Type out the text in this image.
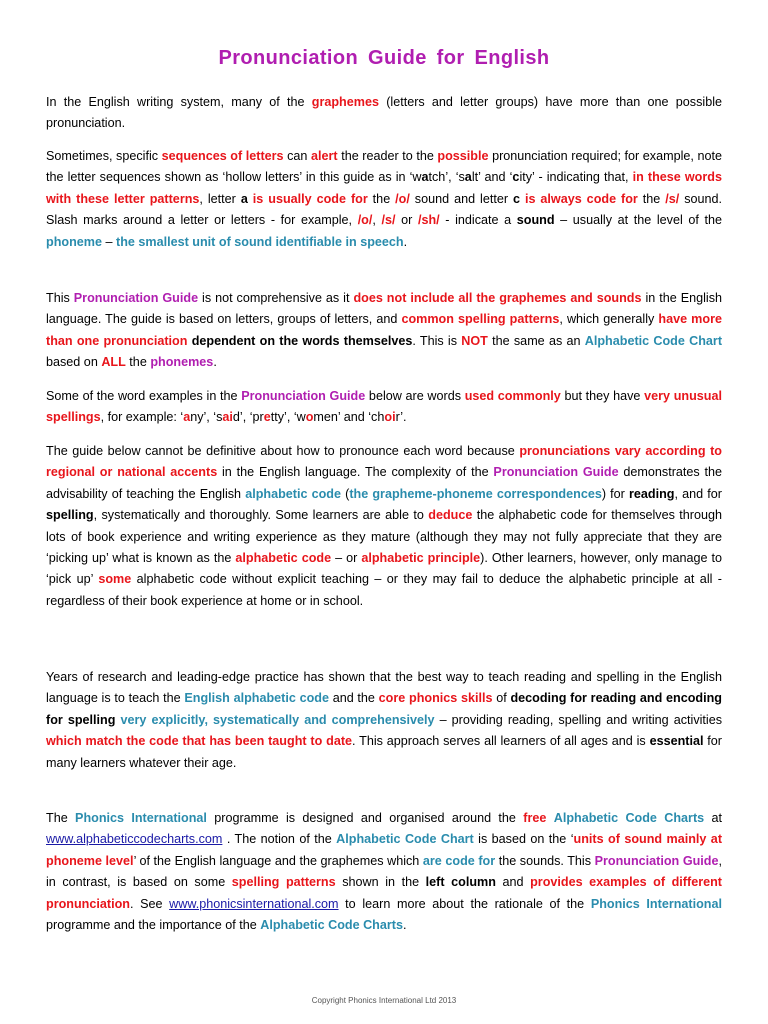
Pronunciation Guide for English

In the English writing system, many of the graphemes (letters and letter groups) have more than one possible pronunciation.

Sometimes, specific sequences of letters can alert the reader to the possible pronunciation required; for example, note the letter sequences shown as ‘hollow letters’ in this guide as in ‘watch’, ‘salt’ and ‘city’ - indicating that, in these words with these letter patterns, letter a is usually code for the /o/ sound and letter c is always code for the /s/ sound. Slash marks around a letter or letters - for example, /o/, /s/ or /sh/ - indicate a sound – usually at the level of the phoneme – the smallest unit of sound identifiable in speech.

This Pronunciation Guide is not comprehensive as it does not include all the graphemes and sounds in the English language. The guide is based on letters, groups of letters, and common spelling patterns, which generally have more than one pronunciation dependent on the words themselves. This is NOT the same as an Alphabetic Code Chart based on ALL the phonemes.

Some of the word examples in the Pronunciation Guide below are words used commonly but they have very unusual spellings, for example: ‘any’, ‘said’, ‘pretty’, ‘women’ and ‘choir’.

The guide below cannot be definitive about how to pronounce each word because pronunciations vary according to regional or national accents in the English language. The complexity of the Pronunciation Guide demonstrates the advisability of teaching the English alphabetic code (the grapheme-phoneme correspondences) for reading, and for spelling, systematically and thoroughly. Some learners are able to deduce the alphabetic code for themselves through lots of book experience and writing experience as they mature (although they may not fully appreciate that they are ‘picking up’ what is known as the alphabetic code – or alphabetic principle). Other learners, however, only manage to ‘pick up’ some alphabetic code without explicit teaching – or they may fail to deduce the alphabetic principle at all - regardless of their book experience at home or in school.

Years of research and leading-edge practice has shown that the best way to teach reading and spelling in the English language is to teach the English alphabetic code and the core phonics skills of decoding for reading and encoding for spelling very explicitly, systematically and comprehensively – providing reading, spelling and writing activities which match the code that has been taught to date. This approach serves all learners of all ages and is essential for many learners whatever their age.

The Phonics International programme is designed and organised around the free Alphabetic Code Charts at www.alphabeticcodecharts.com . The notion of the Alphabetic Code Chart is based on the ‘units of sound mainly at phoneme level’ of the English language and the graphemes which are code for the sounds. This Pronunciation Guide, in contrast, is based on some spelling patterns shown in the left column and provides examples of different pronunciation. See www.phonicsinternational.com to learn more about the rationale of the Phonics International programme and the importance of the Alphabetic Code Charts.

Copyright Phonics International Ltd 2013
